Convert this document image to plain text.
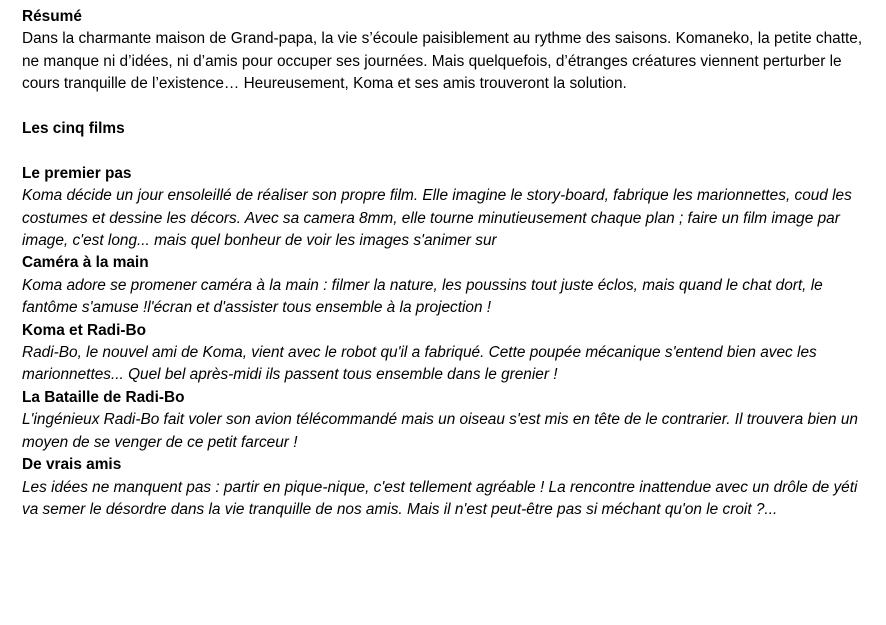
Résumé

Dans la charmante maison de Grand-papa, la vie s’écoule paisiblement au rythme des saisons. Komaneko, la petite chatte, ne manque ni d’idées, ni d’amis pour occuper ses journées. Mais quelquefois, d’étranges créatures viennent perturber le cours tranquille de l’existence… Heureusement, Koma et ses amis trouveront la solution.

Les cinq films

Le premier pas

Koma décide un jour ensoleillé de réaliser son propre film. Elle imagine le story-board, fabrique les marionnettes, coud les costumes et dessine les décors. Avec sa camera 8mm, elle tourne minutieusement chaque plan ; faire un film image par image, c'est long... mais quel bonheur de voir les images s'animer sur

Caméra à la main

Koma adore se promener caméra à la main : filmer la nature, les poussins tout juste éclos, mais quand le chat dort, le fantôme s'amuse !l'écran et d'assister tous ensemble à la projection !

Koma et Radi-Bo

Radi-Bo, le nouvel ami de Koma, vient avec le robot qu'il a fabriqué. Cette poupée mécanique s'entend bien avec les marionnettes... Quel bel après-midi ils passent tous ensemble dans le grenier !

La Bataille de Radi-Bo

L'ingénieux Radi-Bo fait voler son avion télécommandé mais un oiseau s'est mis en tête de le contrarier. Il trouvera bien un moyen de se venger de ce petit farceur !

De vrais amis

Les idées ne manquent pas : partir en pique-nique, c'est tellement agréable ! La rencontre inattendue avec un drôle de yéti va semer le désordre dans la vie tranquille de nos amis. Mais il n'est peut-être pas si méchant qu'on le croit ?...
